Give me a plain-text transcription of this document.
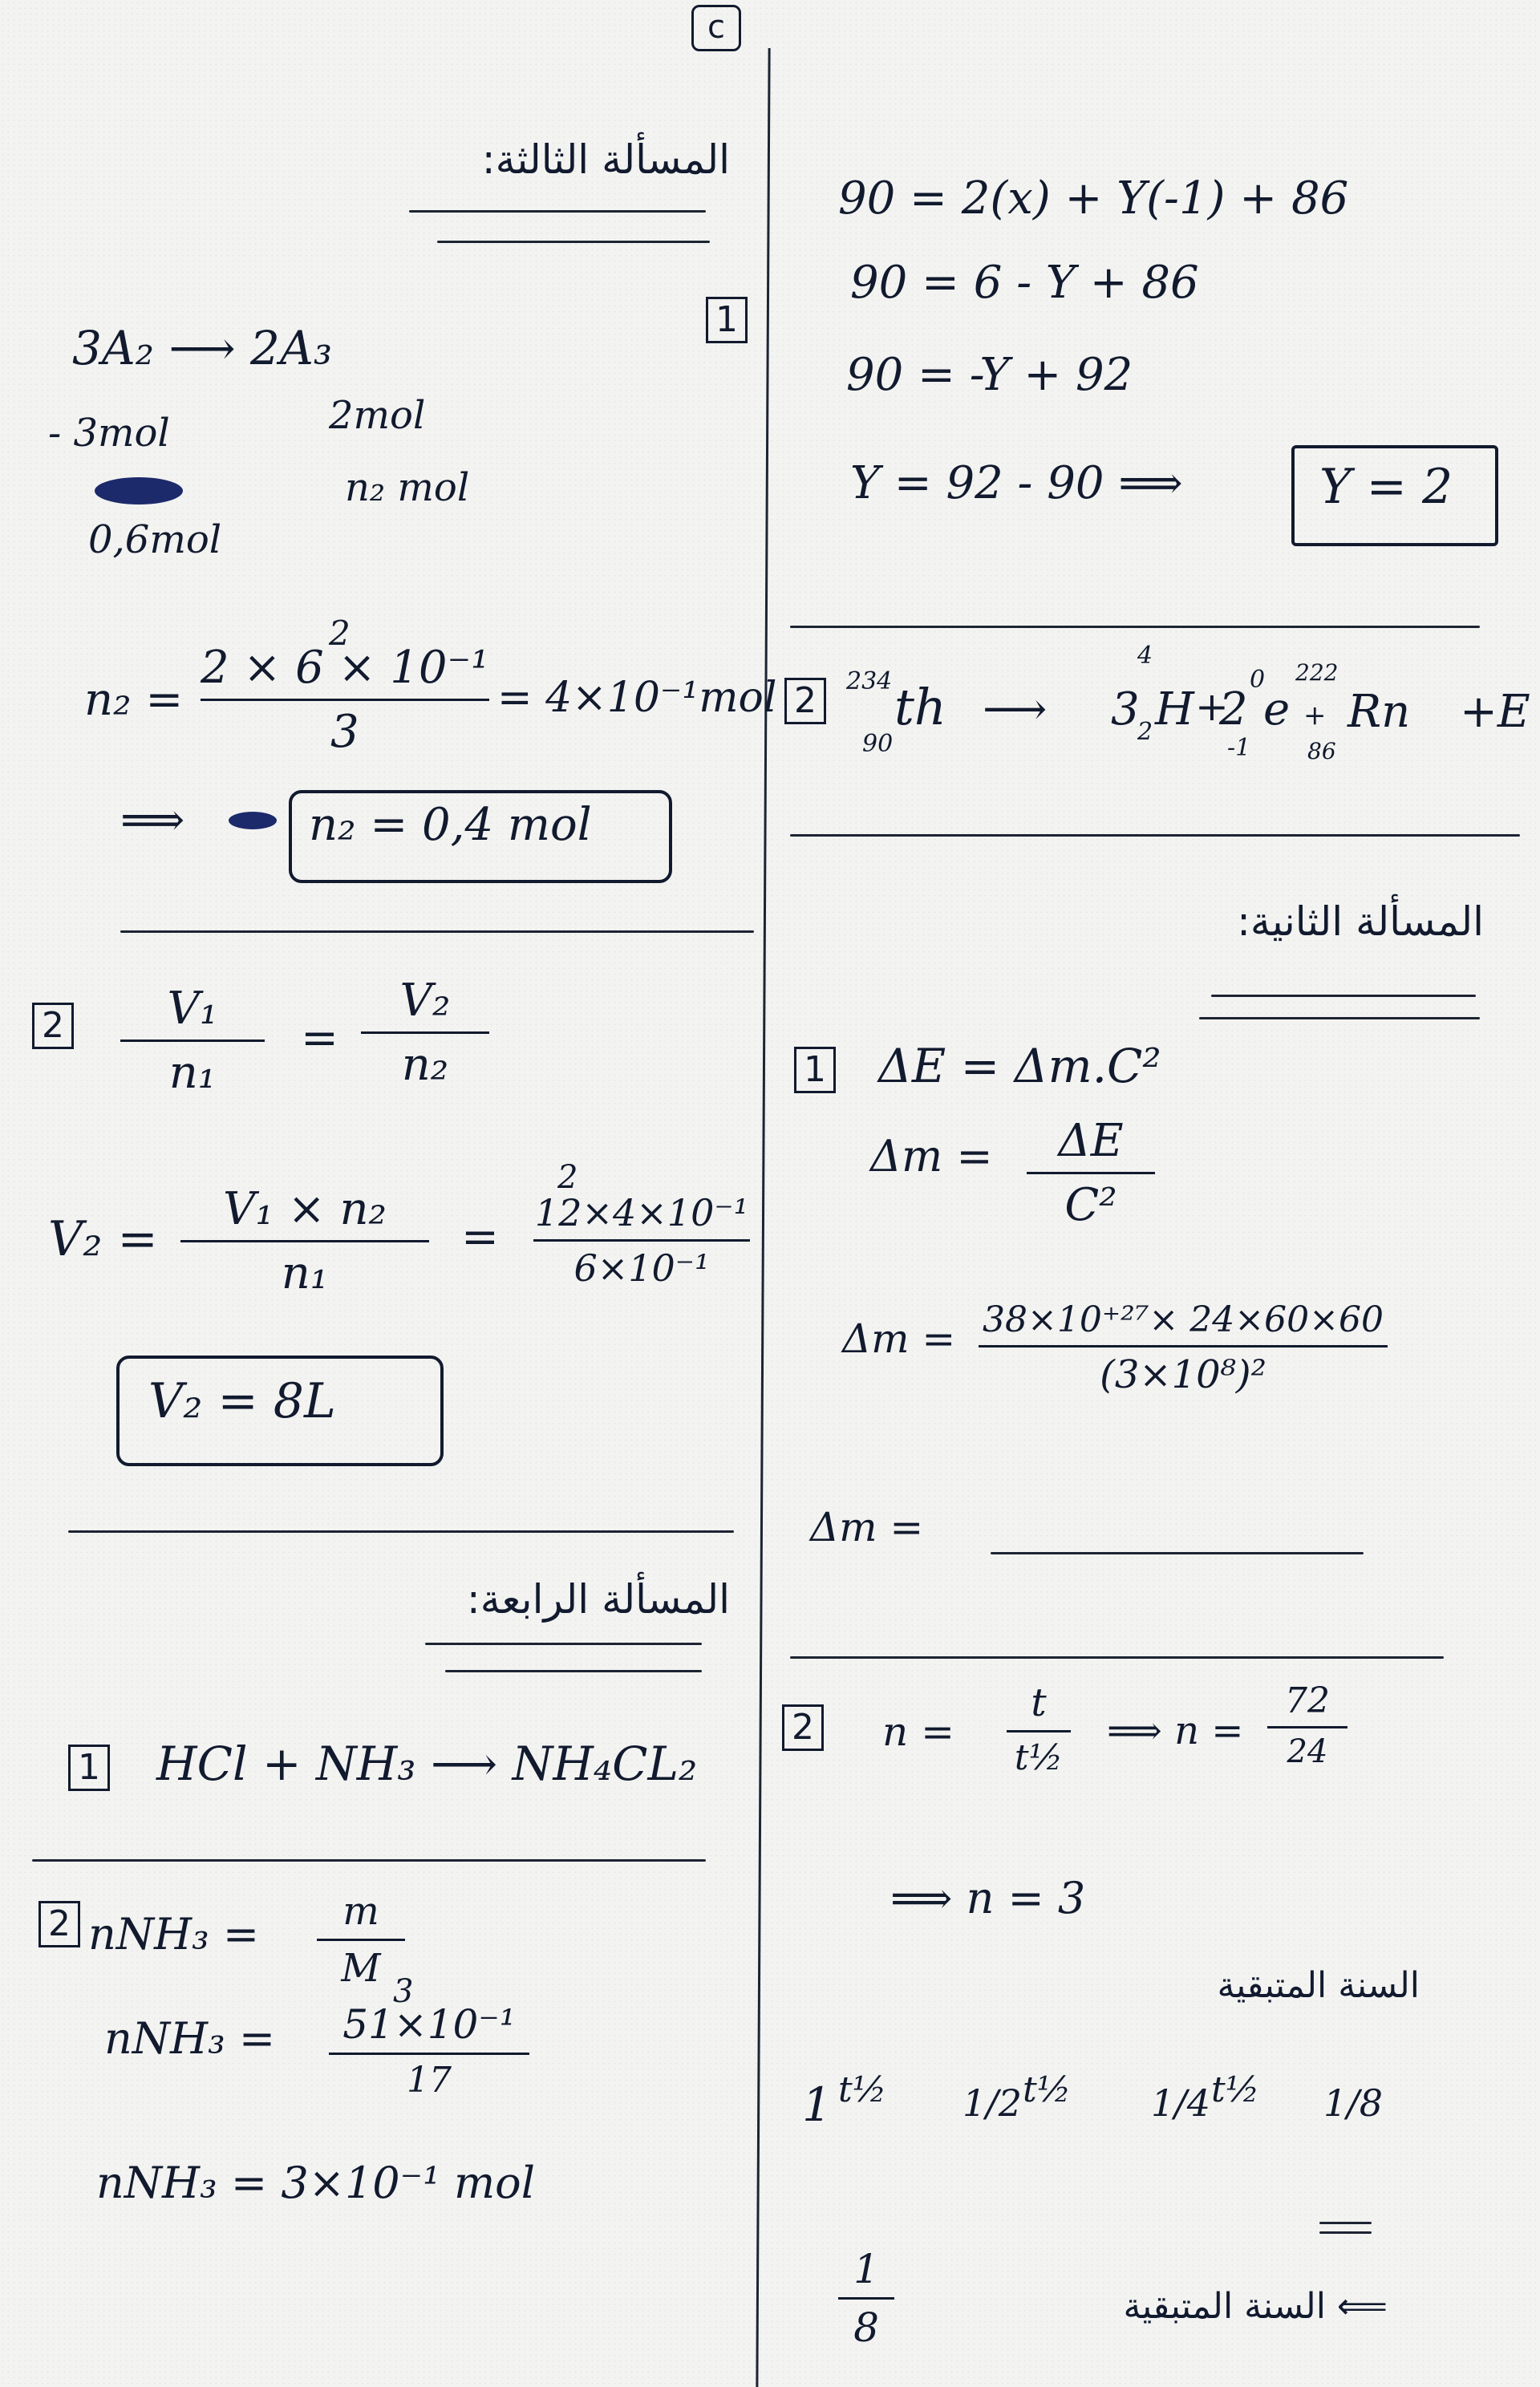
c
المسألة الثالثة:
1
3A₂ ⟶ 2A₃
- 3mol	2mol
n₂ mol
0,6mol
n₂ =
2
2 × 6 × 10⁻¹
3
= 4×10⁻¹mol
⟹	n₂ = 0,4 mol
2 V₁
n₁
=
V₂
n₂
V₂ =
V₁ × n₂
n₁
=
2
12×4×10⁻¹
6×10⁻¹
V₂ = 8L
المسألة الرابعة:
1 HCl + NH₃ ⟶ NH₄CL₂
2 nNH₃ = m
M
nNH₃ =
3
51×10⁻¹
17
nNH₃ = 3×10⁻¹ mol
90 = 2(x) + Y(-1) + 86
90 = 6 - Y + 86
90 = -Y + 92
Y = 92 - 90 ⟹	Y = 2
2	234
90
th ⟶ 3
4
2 H +
2
0
-1
e
222
+
86
Rn +E
المسألة الثانية:
1 ΔE = Δm.C²
Δm = ΔE
C²
Δm = 38×10⁺²⁷× 24×60×60
(3×10⁸)²
Δm =
2 n =
t
t½
⟹ n =
72
24
⟹ n = 3
السنة المتبقية
1 t½ 1/2 t½ 1/4 t½ 1/8
1
8	⟸ السنة المتبقية
